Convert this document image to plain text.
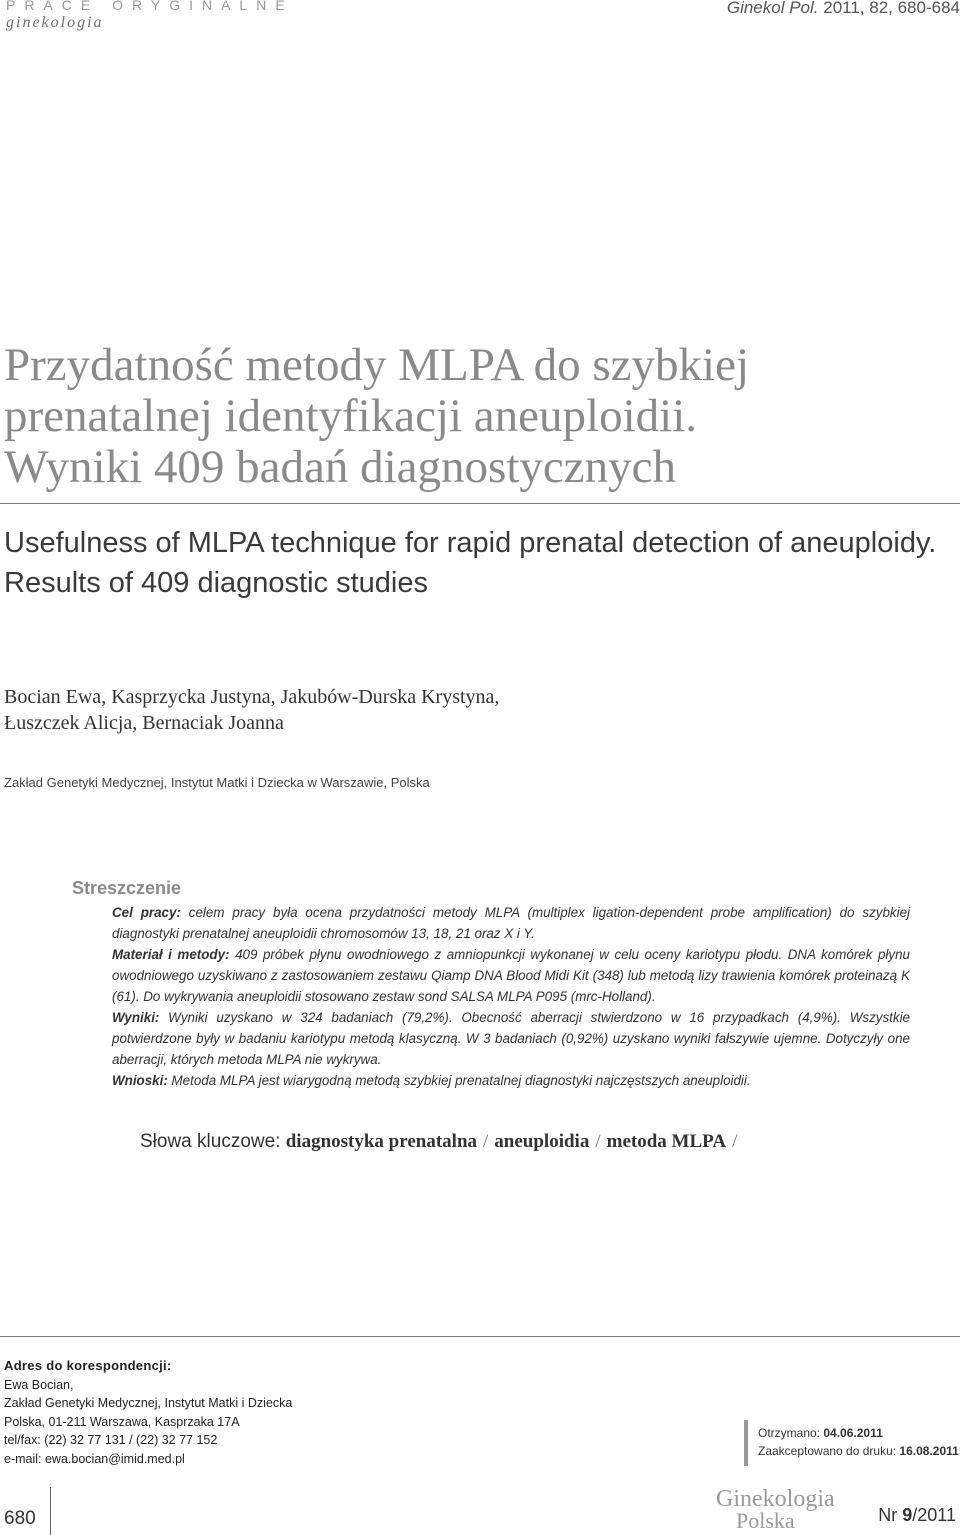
PRACE ORYGINALNE
ginekologia
Ginekol Pol. 2011, 82, 680-684
Przydatność metody MLPA do szybkiej
prenatalnej identyfikacji aneuploidii.
Wyniki 409 badań diagnostycznych
Usefulness of MLPA technique for rapid prenatal detection of aneuploidy.
Results of 409 diagnostic studies
Bocian Ewa, Kasprzycka Justyna, Jakubów-Durska Krystyna,
Łuszczek Alicja, Bernaciak Joanna
Zakład Genetyki Medycznej, Instytut Matki i Dziecka w Warszawie, Polska
Streszczenie

Cel pracy: celem pracy była ocena przydatności metody MLPA (multiplex ligation-dependent probe amplification) do szybkiej diagnostyki prenatalnej aneuploidii chromosomów 13, 18, 21 oraz X i Y.

Materiał i metody: 409 próbek płynu owodniowego z amniopunkcji wykonanej w celu oceny kariotypu płodu. DNA komórek płynu owodniowego uzyskiwano z zastosowaniem zestawu Qiamp DNA Blood Midi Kit (348) lub metodą lizy trawienia komórek proteinazą K (61). Do wykrywania aneuploidii stosowano zestaw sond SALSA MLPA P095 (mrc-Holland).

Wyniki: Wyniki uzyskano w 324 badaniach (79,2%). Obecność aberracji stwierdzono w 16 przypadkach (4,9%). Wszystkie potwierdzone były w badaniu kariotypu metodą klasyczną. W 3 badaniach (0,92%) uzyskano wyniki fałszywie ujemne. Dotyczyły one aberracji, których metoda MLPA nie wykrywa.

Wnioski: Metoda MLPA jest wiarygodną metodą szybkiej prenatalnej diagnostyki najczęstszych aneuploidii.

Słowa kluczowe: diagnostyka prenatalna / aneuploidia / metoda MLPA /
Adres do korespondencji:
Ewa Bocian,
Zakład Genetyki Medycznej, Instytut Matki i Dziecka
Polska, 01-211 Warszawa, Kasprzaka 17A
tel/fax: (22) 32 77 131 / (22) 32 77 152
e-mail: ewa.bocian@imid.med.pl
Otrzymano: 04.06.2011
Zaakceptowano do druku: 16.08.2011
680
Ginekologia
Polska	Nr 9/2011
